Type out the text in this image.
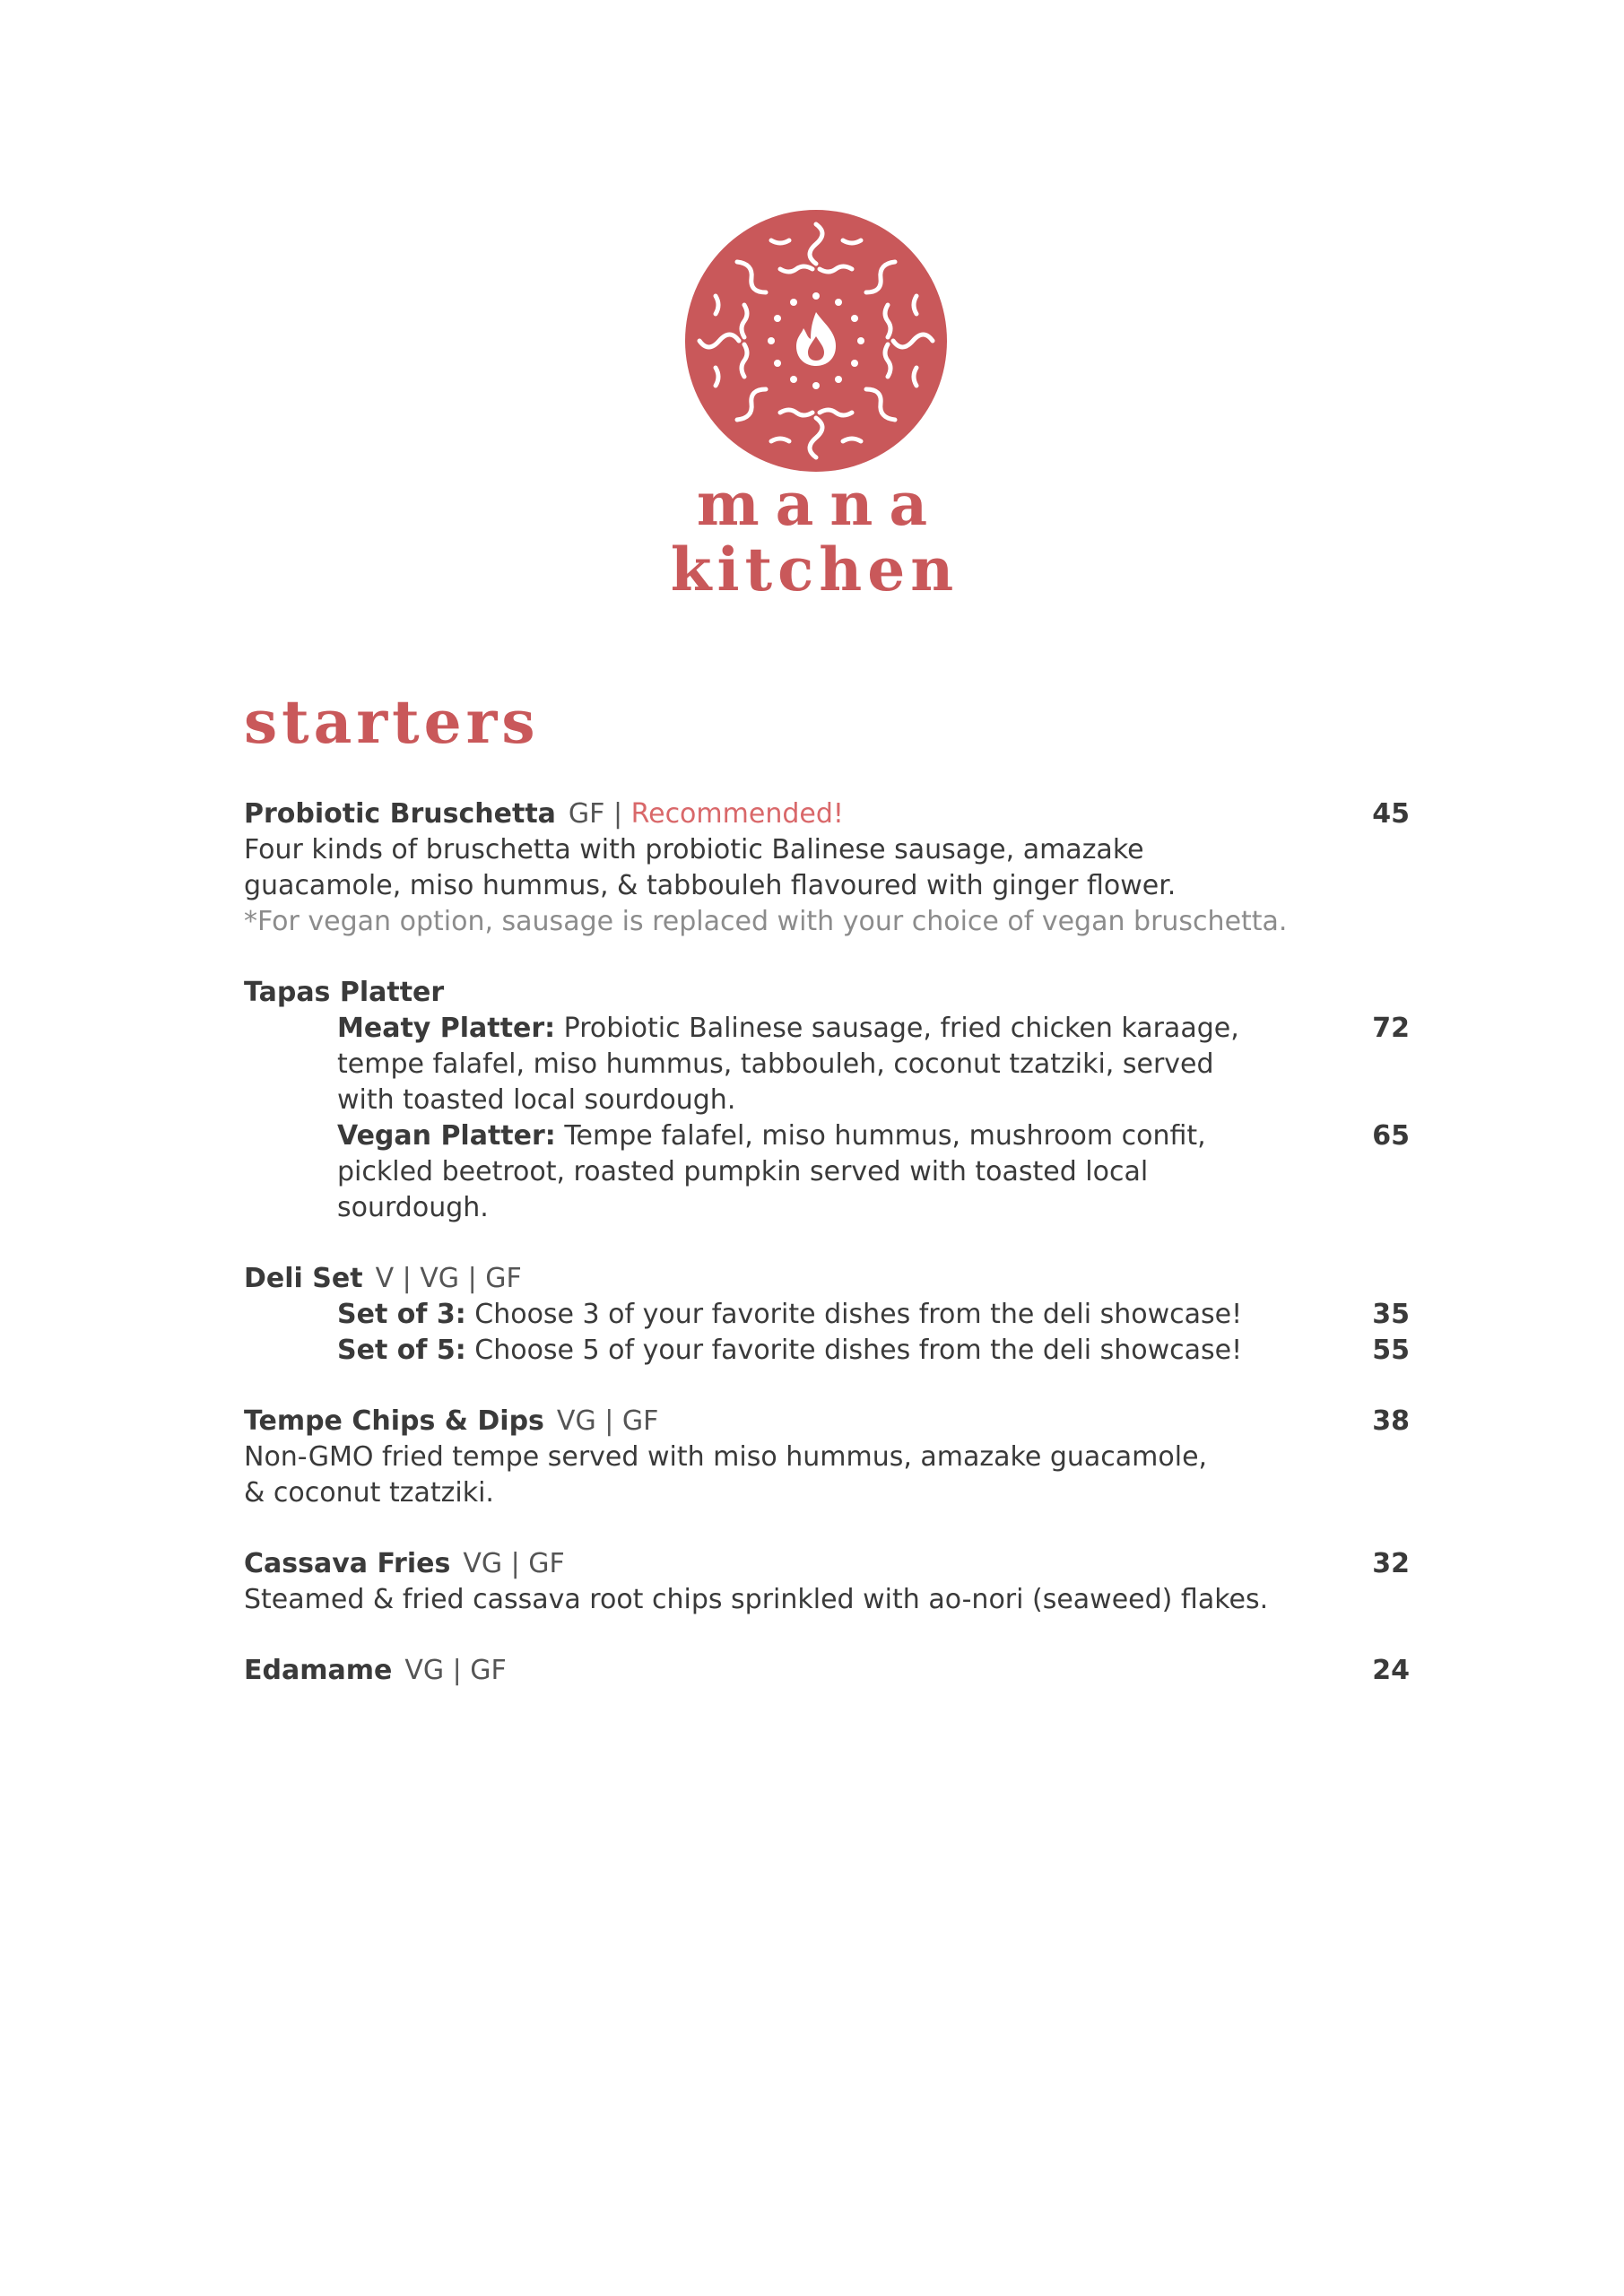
mana
kitchen
starters
Probiotic Bruschetta GF | Recommended!	45
Four kinds of bruschetta with probiotic Balinese sausage, amazake
guacamole, miso hummus, & tabbouleh flavoured with ginger flower.
*For vegan option, sausage is replaced with your choice of vegan bruschetta.
Tapas Platter
Meaty Platter: Probiotic Balinese sausage, fried chicken karaage,	72
tempe falafel, miso hummus, tabbouleh, coconut tzatziki, served
with toasted local sourdough.
Vegan Platter: Tempe falafel, miso hummus, mushroom confit,	65
pickled beetroot, roasted pumpkin served with toasted local
sourdough.
Deli Set V | VG | GF
Set of 3: Choose 3 of your favorite dishes from the deli showcase!	35
Set of 5: Choose 5 of your favorite dishes from the deli showcase!	55
Tempe Chips & Dips VG | GF	38
Non-GMO fried tempe served with miso hummus, amazake guacamole,
& coconut tzatziki.
Cassava Fries VG | GF	32
Steamed & fried cassava root chips sprinkled with ao-nori (seaweed) flakes.
Edamame VG | GF	24
